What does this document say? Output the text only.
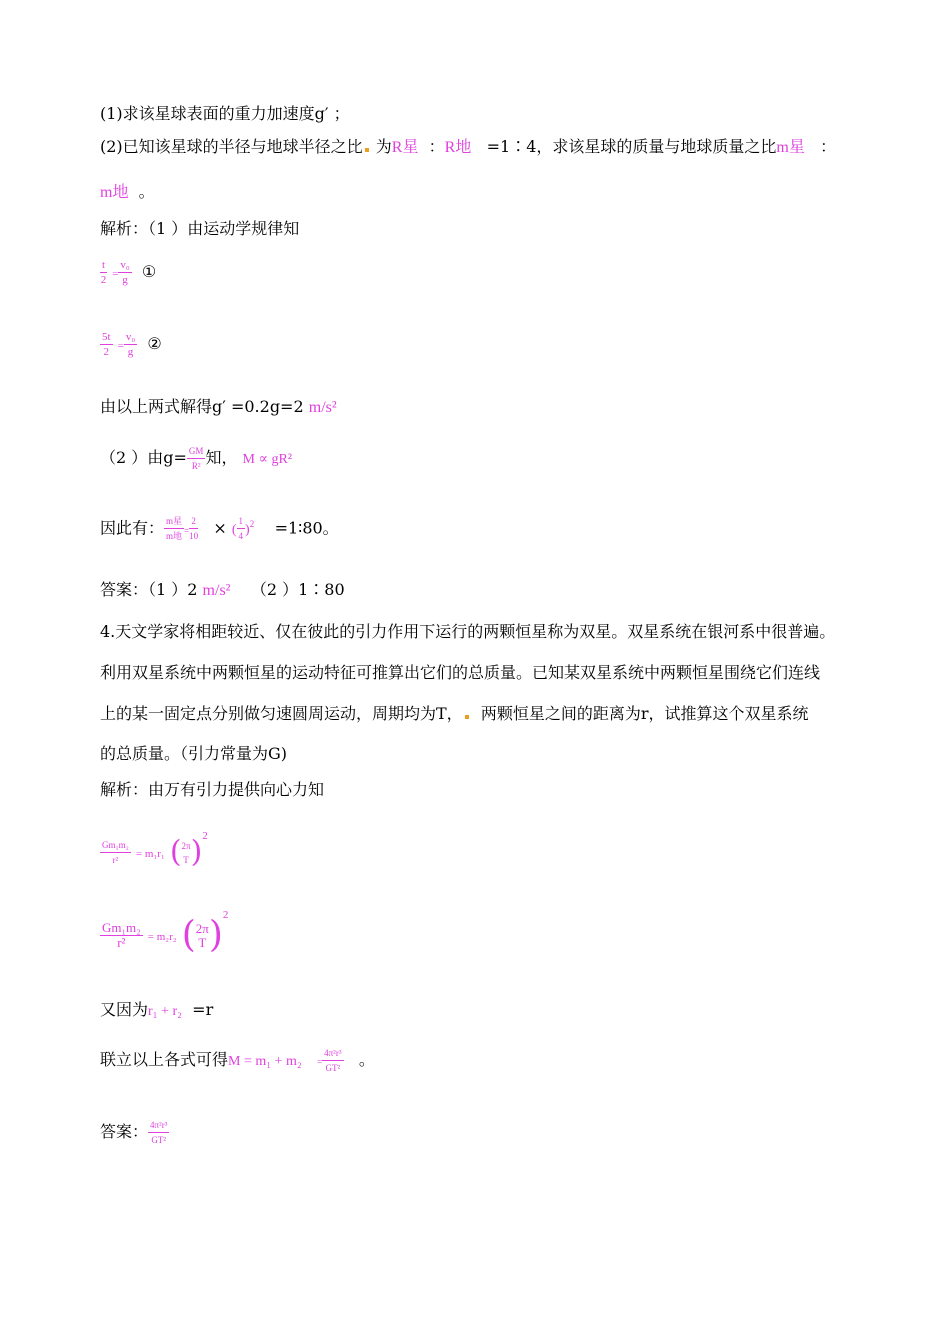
(1)求该星球表面的重力加速度g′ ；
(2)已知该星球的半径与地球半径之比 为R星 ：R地 =1∶4，求该星球的质量与地球质量之比m星 ：
m地 。
解析：（1 ）由运动学规律知
$\frac{t}{2} = \frac{\text{v₀}}{g}$ ①
$\frac{5t}{2} = \frac{\text{v₀}}{g}$ ②
由以上两式解得g′ =0.2g=2 m/s²
（2 ）由$g= \frac{GM}{\text{R²}}$ 知， M ∝ gR²
因此有： $\frac{\text{m星}}{\text{m地}} = \frac{2}{10}$ × ( $\frac{1}{4} )^2$ =1∶80。
答案：（1 ）2 m/s² （2 ）1∶80
4.天文学家将相距较近、仅在彼此的引力作用下运行的两颗恒星称为双星。双星系统在银河系中很普遍。
利用双星系统中两颗恒星的运动特征可推算出它们的总质量。已知某双星系统中两颗恒星围绕它们连线
上的某一固定点分别做匀速圆周运动，周期均为T， 两颗恒星之间的距离为r，试推算这个双星系统
的总质量。（引力常量为G)
解析：由万有引力提供向心力知
$\frac{\text{Gm₁m₂}}{\text{r²}} = m_1r_1$ ( 2π
T )$^2$
$\frac{\text{Gm₁m₂}}{\text{r²}} = m_2r_2$ ( 2π
T )$^2$
又因为r₁ + r₂ =r
联立以上各式可得$M = m_1 + m_2 = \frac{\text{4π²r³}}{\text{GT²}}$ 。
答案： $\frac{\text{4π²r³}}{\text{GT²}}$
